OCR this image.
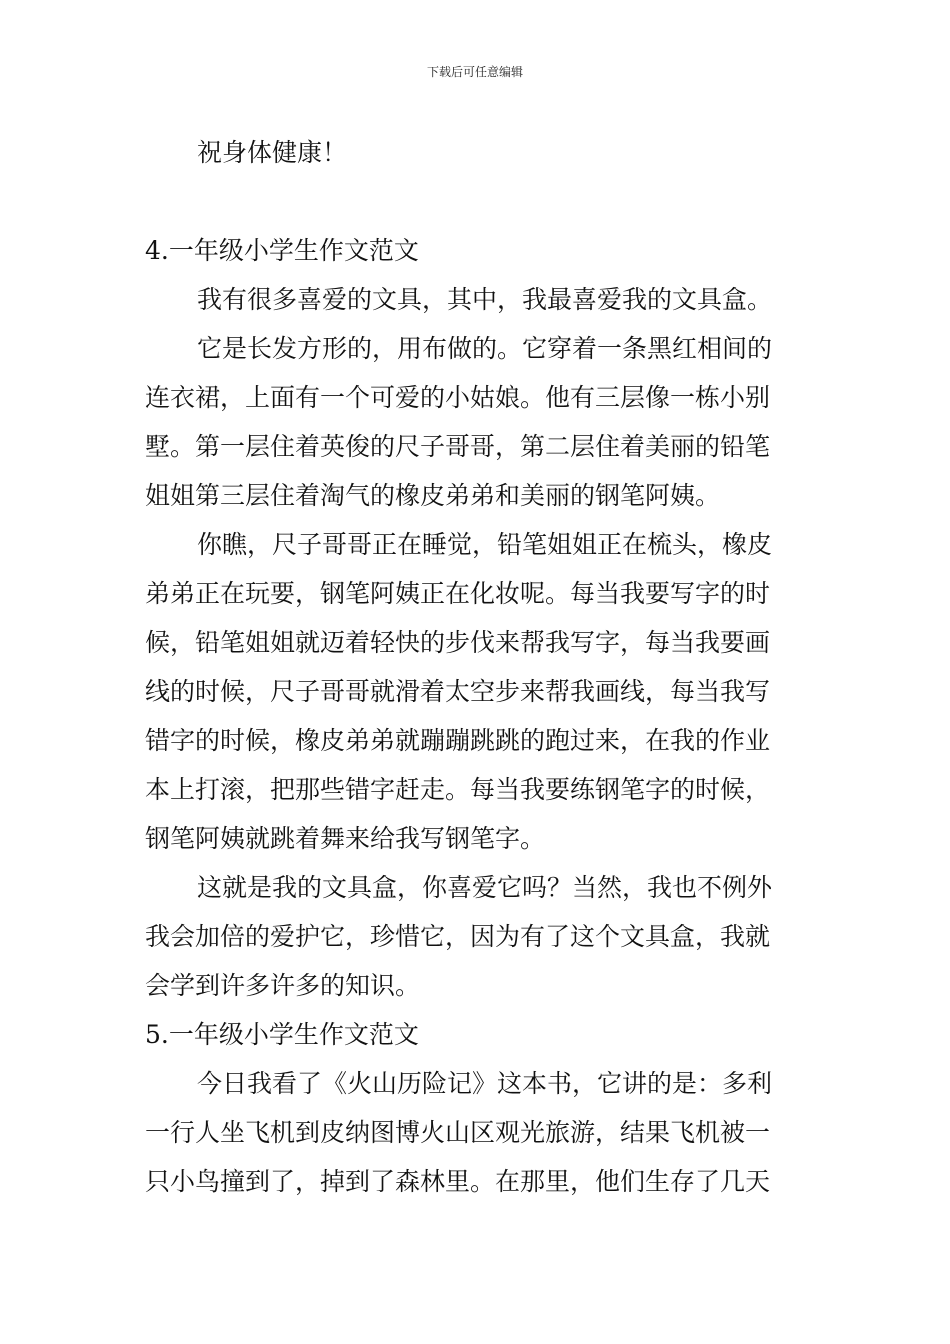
下载后可任意编辑
祝身体健康！
4.一年级小学生作文范文
我有很多喜爱的文具，其中，我最喜爱我的文具盒。
它是长发方形的，用布做的。它穿着一条黑红相间的
连衣裙，上面有一个可爱的小姑娘。他有三层像一栋小别
墅。第一层住着英俊的尺子哥哥，第二层住着美丽的铅笔
姐姐第三层住着淘气的橡皮弟弟和美丽的钢笔阿姨。
你瞧，尺子哥哥正在睡觉，铅笔姐姐正在梳头，橡皮
弟弟正在玩要，钢笔阿姨正在化妆呢。每当我要写字的时
候，铅笔姐姐就迈着轻快的步伐来帮我写字，每当我要画
线的时候，尺子哥哥就滑着太空步来帮我画线，每当我写
错字的时候，橡皮弟弟就蹦蹦跳跳的跑过来，在我的作业
本上打滚，把那些错字赶走。每当我要练钢笔字的时候，
钢笔阿姨就跳着舞来给我写钢笔字。
这就是我的文具盒，你喜爱它吗？当然，我也不例外
我会加倍的爱护它，珍惜它，因为有了这个文具盒，我就
会学到许多许多的知识。
5.一年级小学生作文范文
今日我看了《火山历险记》这本书，它讲的是：多利
一行人坐飞机到皮纳图博火山区观光旅游，结果飞机被一
只小鸟撞到了，掉到了森林里。在那里，他们生存了几天
